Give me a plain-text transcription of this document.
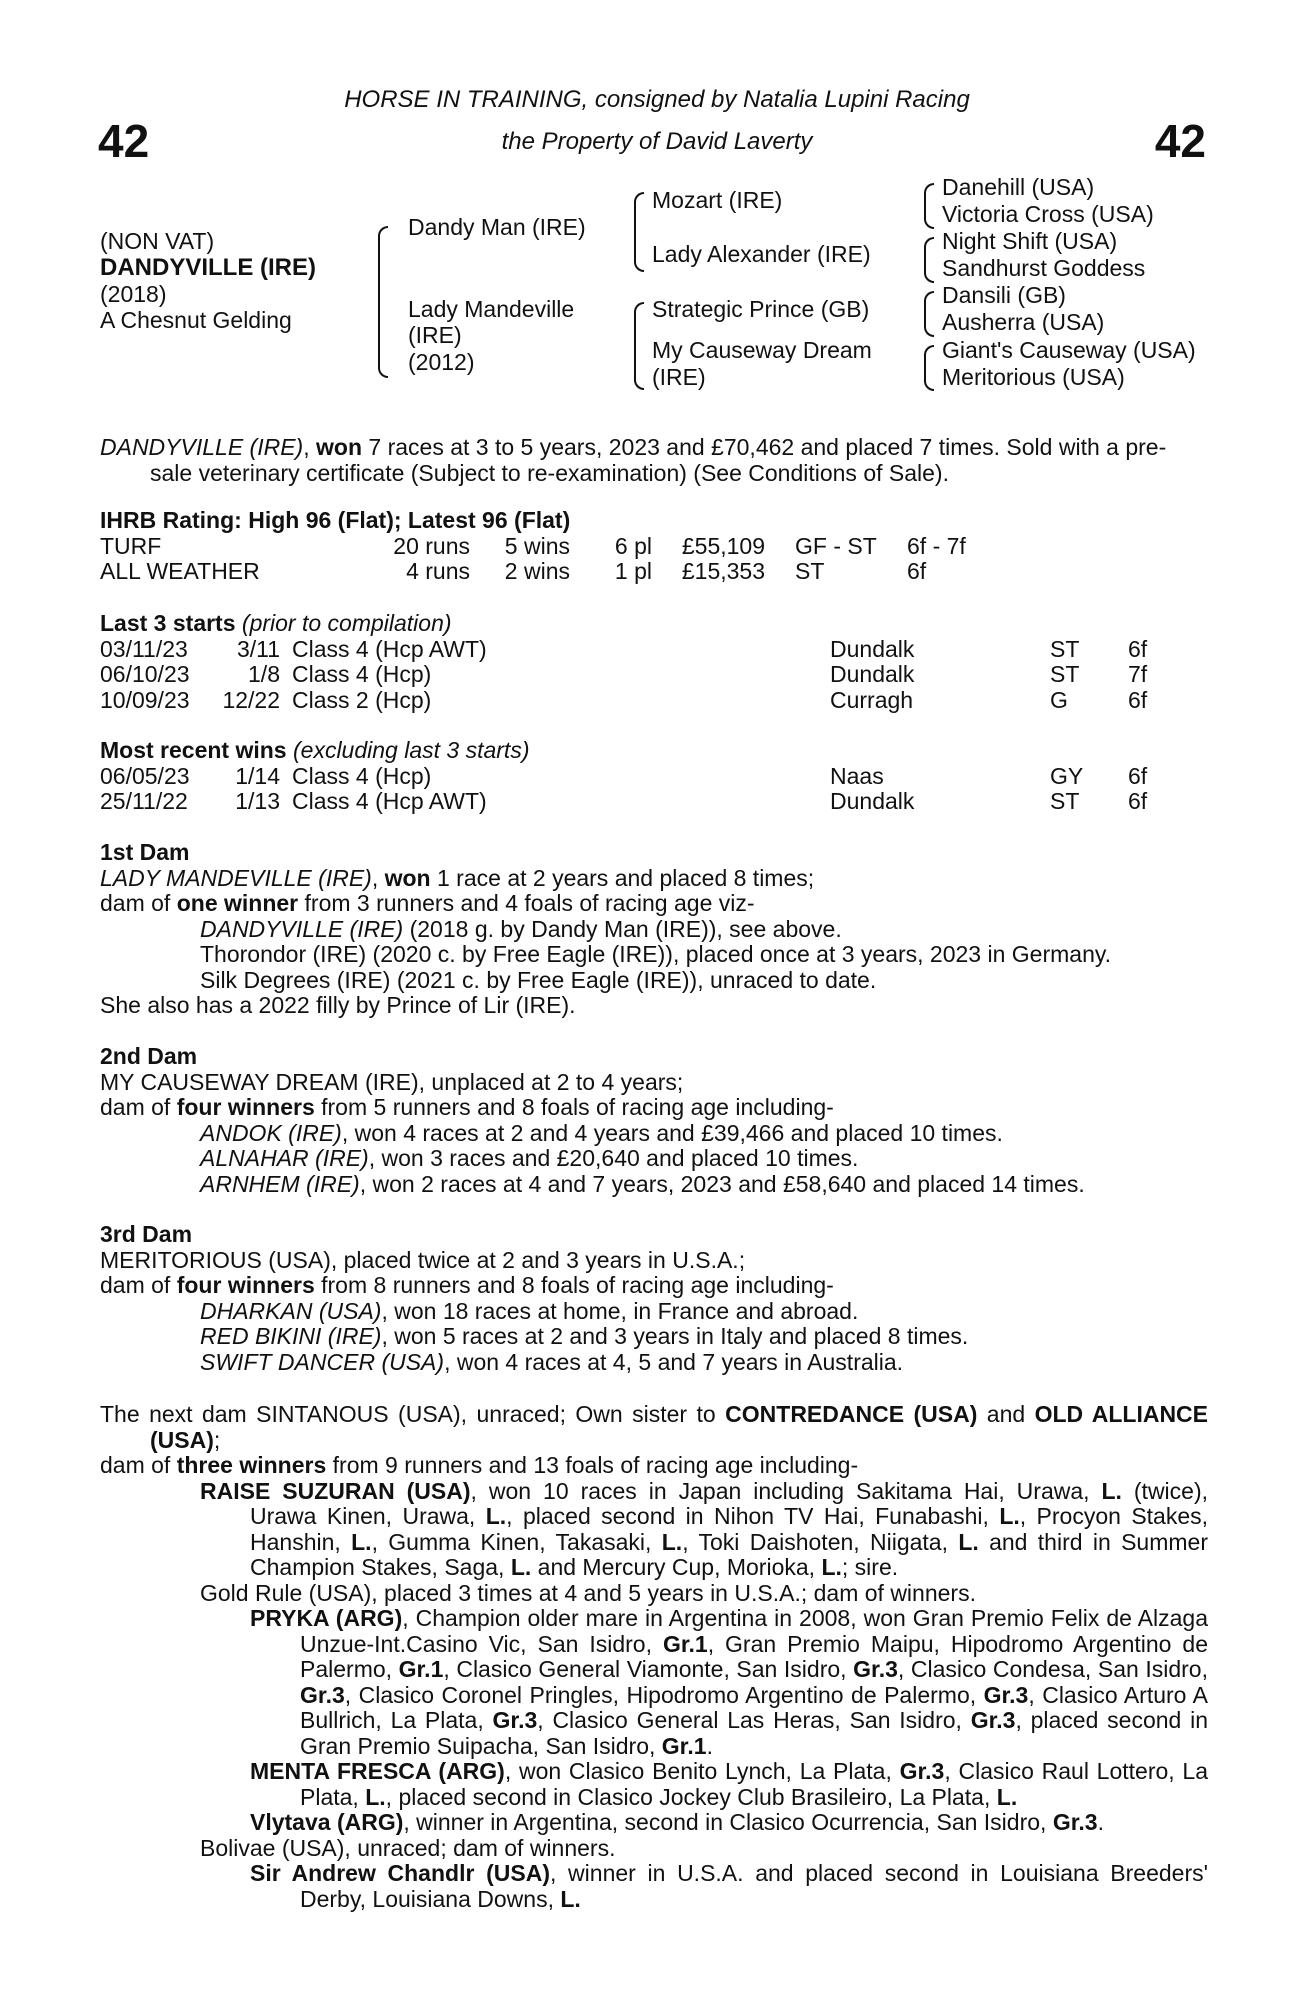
42	42
HORSE IN TRAINING, consigned by Natalia Lupini Racing
the Property of David Laverty
(NON VAT)
DANDYVILLE (IRE)
(2018)
A Chesnut Gelding
Dandy Man (IRE)
Lady Mandeville
(IRE)
(2012)
Mozart (IRE)
Lady Alexander (IRE)
Strategic Prince (GB)
My Causeway Dream
(IRE)
Danehill (USA)
Victoria Cross (USA)
Night Shift (USA)
Sandhurst Goddess
Dansili (GB)
Ausherra (USA)
Giant's Causeway (USA)
Meritorious (USA)

DANDYVILLE (IRE), won 7 races at 3 to 5 years, 2023 and £70,462 and placed 7 times. Sold with a pre-sale veterinary certificate (Subject to re-examination) (See Conditions of Sale).

IHRB Rating: High 96 (Flat); Latest 96 (Flat)

TURF	20 runs	5 wins	6 pl	£55,109	GF - ST	6f - 7f
ALL WEATHER	4 runs	2 wins	1 pl	£15,353	ST	6f

Last 3 starts (prior to compilation)

03/11/23	3/11	Class 4 (Hcp AWT)	Dundalk	ST	6f
06/10/23	1/8	Class 4 (Hcp)	Dundalk	ST	7f
10/09/23	12/22	Class 2 (Hcp)	Curragh	G	6f

Most recent wins (excluding last 3 starts)

06/05/23	1/14	Class 4 (Hcp)	Naas	GY	6f
25/11/22	1/13	Class 4 (Hcp AWT)	Dundalk	ST	6f

1st Dam

LADY MANDEVILLE (IRE), won 1 race at 2 years and placed 8 times;

dam of one winner from 3 runners and 4 foals of racing age viz-

DANDYVILLE (IRE) (2018 g. by Dandy Man (IRE)), see above.

Thorondor (IRE) (2020 c. by Free Eagle (IRE)), placed once at 3 years, 2023 in Germany.

Silk Degrees (IRE) (2021 c. by Free Eagle (IRE)), unraced to date.

She also has a 2022 filly by Prince of Lir (IRE).

2nd Dam

MY CAUSEWAY DREAM (IRE), unplaced at 2 to 4 years;

dam of four winners from 5 runners and 8 foals of racing age including-

ANDOK (IRE), won 4 races at 2 and 4 years and £39,466 and placed 10 times.

ALNAHAR (IRE), won 3 races and £20,640 and placed 10 times.

ARNHEM (IRE), won 2 races at 4 and 7 years, 2023 and £58,640 and placed 14 times.

3rd Dam

MERITORIOUS (USA), placed twice at 2 and 3 years in U.S.A.;

dam of four winners from 8 runners and 8 foals of racing age including-

DHARKAN (USA), won 18 races at home, in France and abroad.

RED BIKINI (IRE), won 5 races at 2 and 3 years in Italy and placed 8 times.

SWIFT DANCER (USA), won 4 races at 4, 5 and 7 years in Australia.

The next dam SINTANOUS (USA), unraced; Own sister to CONTREDANCE (USA) and OLD ALLIANCE (USA);

dam of three winners from 9 runners and 13 foals of racing age including-

RAISE SUZURAN (USA), won 10 races in Japan including Sakitama Hai, Urawa, L. (twice), Urawa Kinen, Urawa, L., placed second in Nihon TV Hai, Funabashi, L., Procyon Stakes, Hanshin, L., Gumma Kinen, Takasaki, L., Toki Daishoten, Niigata, L. and third in Summer Champion Stakes, Saga, L. and Mercury Cup, Morioka, L.; sire.

Gold Rule (USA), placed 3 times at 4 and 5 years in U.S.A.; dam of winners.

PRYKA (ARG), Champion older mare in Argentina in 2008, won Gran Premio Felix de Alzaga Unzue-Int.Casino Vic, San Isidro, Gr.1, Gran Premio Maipu, Hipodromo Argentino de Palermo, Gr.1, Clasico General Viamonte, San Isidro, Gr.3, Clasico Condesa, San Isidro, Gr.3, Clasico Coronel Pringles, Hipodromo Argentino de Palermo, Gr.3, Clasico Arturo A Bullrich, La Plata, Gr.3, Clasico General Las Heras, San Isidro, Gr.3, placed second in Gran Premio Suipacha, San Isidro, Gr.1.

MENTA FRESCA (ARG), won Clasico Benito Lynch, La Plata, Gr.3, Clasico Raul Lottero, La Plata, L., placed second in Clasico Jockey Club Brasileiro, La Plata, L.

Vlytava (ARG), winner in Argentina, second in Clasico Ocurrencia, San Isidro, Gr.3.

Bolivae (USA), unraced; dam of winners.

Sir Andrew Chandlr (USA), winner in U.S.A. and placed second in Louisiana Breeders' Derby, Louisiana Downs, L.
